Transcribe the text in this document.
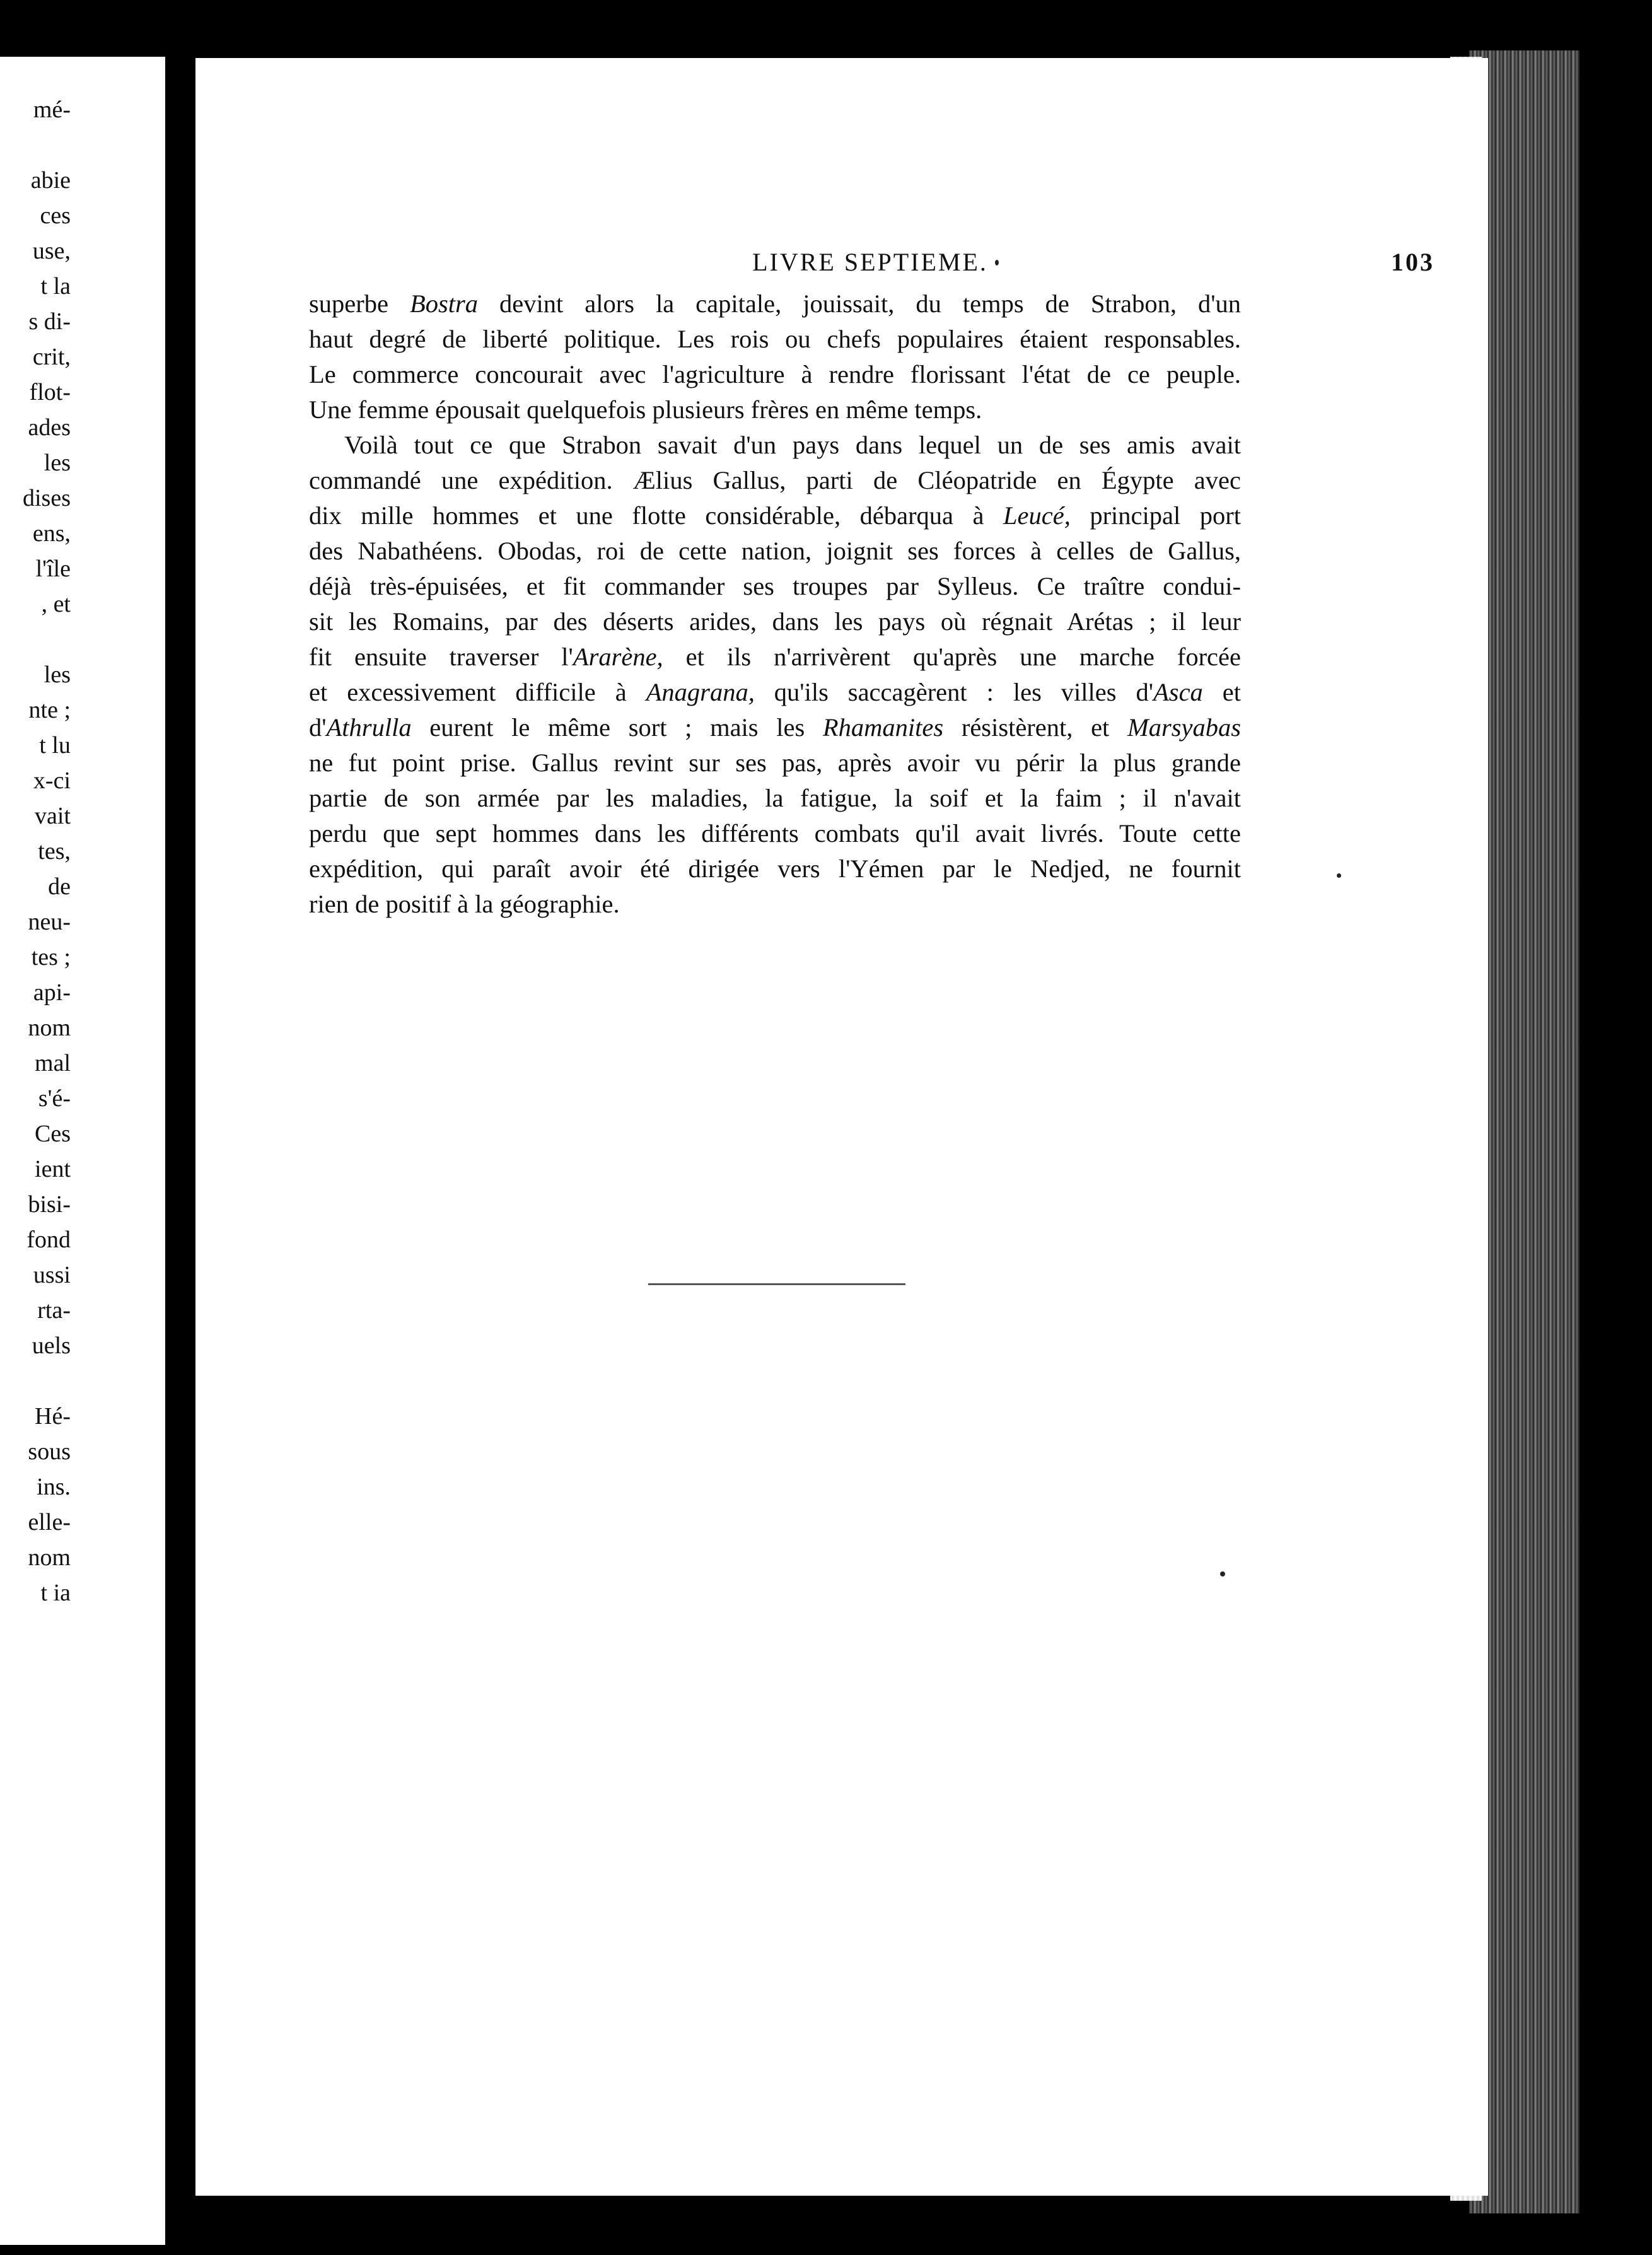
mé-
abie
ces
use,
t la
s di-
crit,
flot-
ades
les
dises
ens,
l'île
, et
les
nte ;
t lu
x-ci
vait
tes,
de
neu-
tes ;
api-
nom
mal
s'é-
Ces
ient
bisi-
fond
ussi
rta-
uels
Hé-
sous
ins.
elle-
nom
t ia
LIVRE SEPTIEME.	103
superbe Bostra devint alors la capitale, jouissait, du temps de Strabon, d'un
haut degré de liberté politique. Les rois ou chefs populaires étaient responsables.
Le commerce concourait avec l'agriculture à rendre florissant l'état de ce peuple.
Une femme épousait quelquefois plusieurs frères en même temps.
Voilà tout ce que Strabon savait d'un pays dans lequel un de ses amis avait
commandé une expédition. Ælius Gallus, parti de Cléopatride en Égypte avec
dix mille hommes et une flotte considérable, débarqua à Leucé, principal port
des Nabathéens. Obodas, roi de cette nation, joignit ses forces à celles de Gallus,
déjà très-épuisées, et fit commander ses troupes par Sylleus. Ce traître condui-
sit les Romains, par des déserts arides, dans les pays où régnait Arétas ; il leur
fit ensuite traverser l'Ararène, et ils n'arrivèrent qu'après une marche forcée
et excessivement difficile à Anagrana, qu'ils saccagèrent : les villes d'Asca et
d'Athrulla eurent le même sort ; mais les Rhamanites résistèrent, et Marsyabas
ne fut point prise. Gallus revint sur ses pas, après avoir vu périr la plus grande
partie de son armée par les maladies, la fatigue, la soif et la faim ; il n'avait
perdu que sept hommes dans les différents combats qu'il avait livrés. Toute cette
expédition, qui paraît avoir été dirigée vers l'Yémen par le Nedjed, ne fournit
rien de positif à la géographie.
